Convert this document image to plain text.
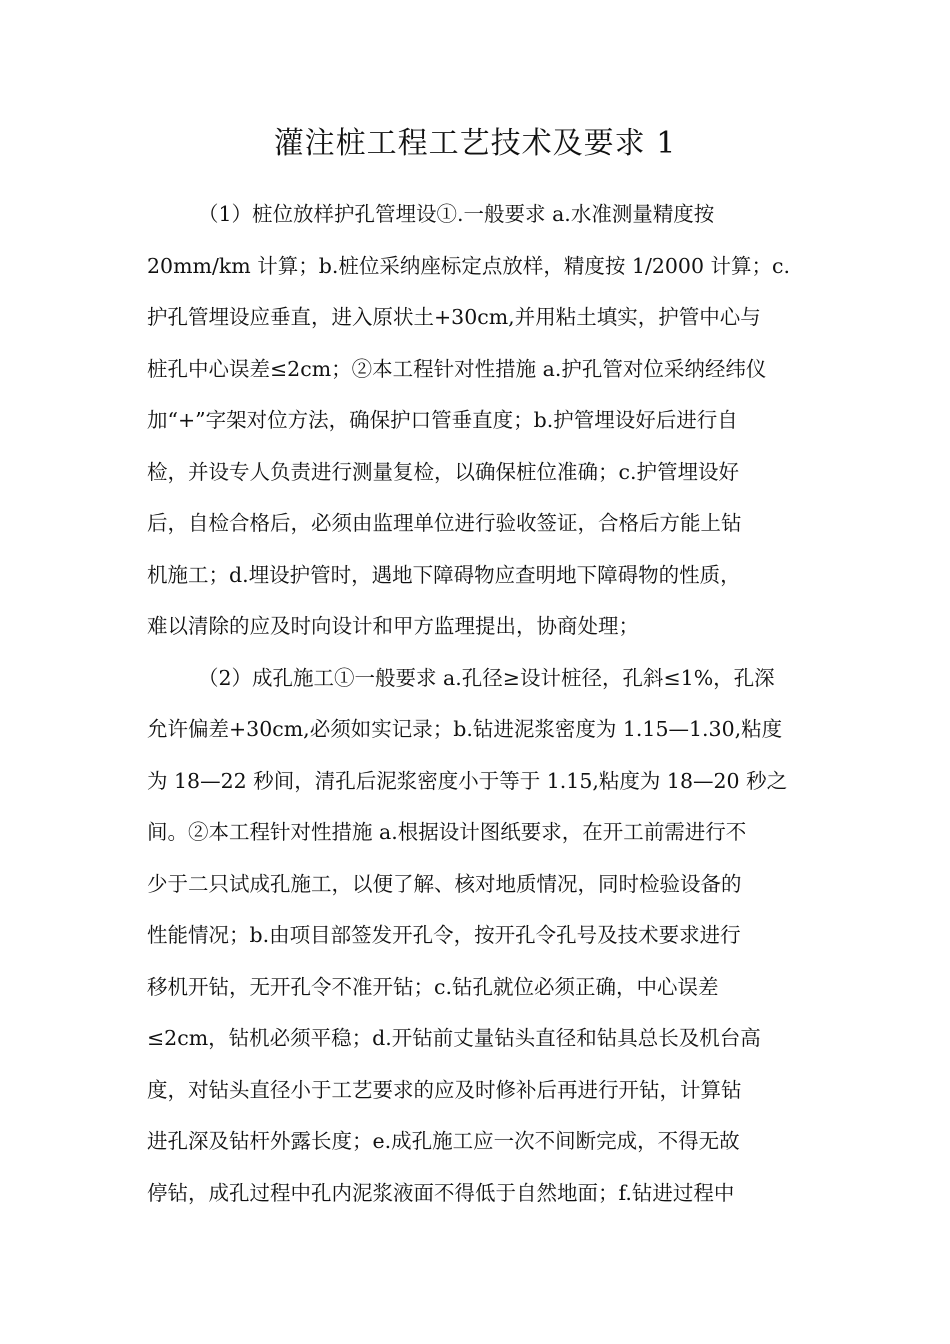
灌注桩工程工艺技术及要求 1
（1）桩位放样护孔管埋设①.一般要求 a.水准测量精度按
20mm/km 计算；b.桩位采纳座标定点放样，精度按 1/2000 计算；c.
护孔管埋设应垂直，进入原状土+30cm,并用粘土填实，护管中心与
桩孔中心误差≤2cm；②本工程针对性措施 a.护孔管对位采纳经纬仪
加“+”字架对位方法，确保护口管垂直度；b.护管埋设好后进行自
检，并设专人负责进行测量复检，以确保桩位准确；c.护管埋设好
后，自检合格后，必须由监理单位进行验收签证，合格后方能上钻
机施工；d.埋设护管时，遇地下障碍物应查明地下障碍物的性质，
难以清除的应及时向设计和甲方监理提出，协商处理；
（2）成孔施工①一般要求 a.孔径≥设计桩径，孔斜≤1%，孔深
允许偏差+30cm,必须如实记录；b.钻进泥浆密度为 1.15—1.30,粘度
为 18—22 秒间，清孔后泥浆密度小于等于 1.15,粘度为 18—20 秒之
间。②本工程针对性措施 a.根据设计图纸要求，在开工前需进行不
少于二只试成孔施工，以便了解、核对地质情况，同时检验设备的
性能情况；b.由项目部签发开孔令，按开孔令孔号及技术要求进行
移机开钻，无开孔令不准开钻；c.钻孔就位必须正确，中心误差
≤2cm，钻机必须平稳；d.开钻前丈量钻头直径和钻具总长及机台高
度，对钻头直径小于工艺要求的应及时修补后再进行开钻，计算钻
进孔深及钻杆外露长度；e.成孔施工应一次不间断完成，不得无故
停钻，成孔过程中孔内泥浆液面不得低于自然地面；f.钻进过程中
